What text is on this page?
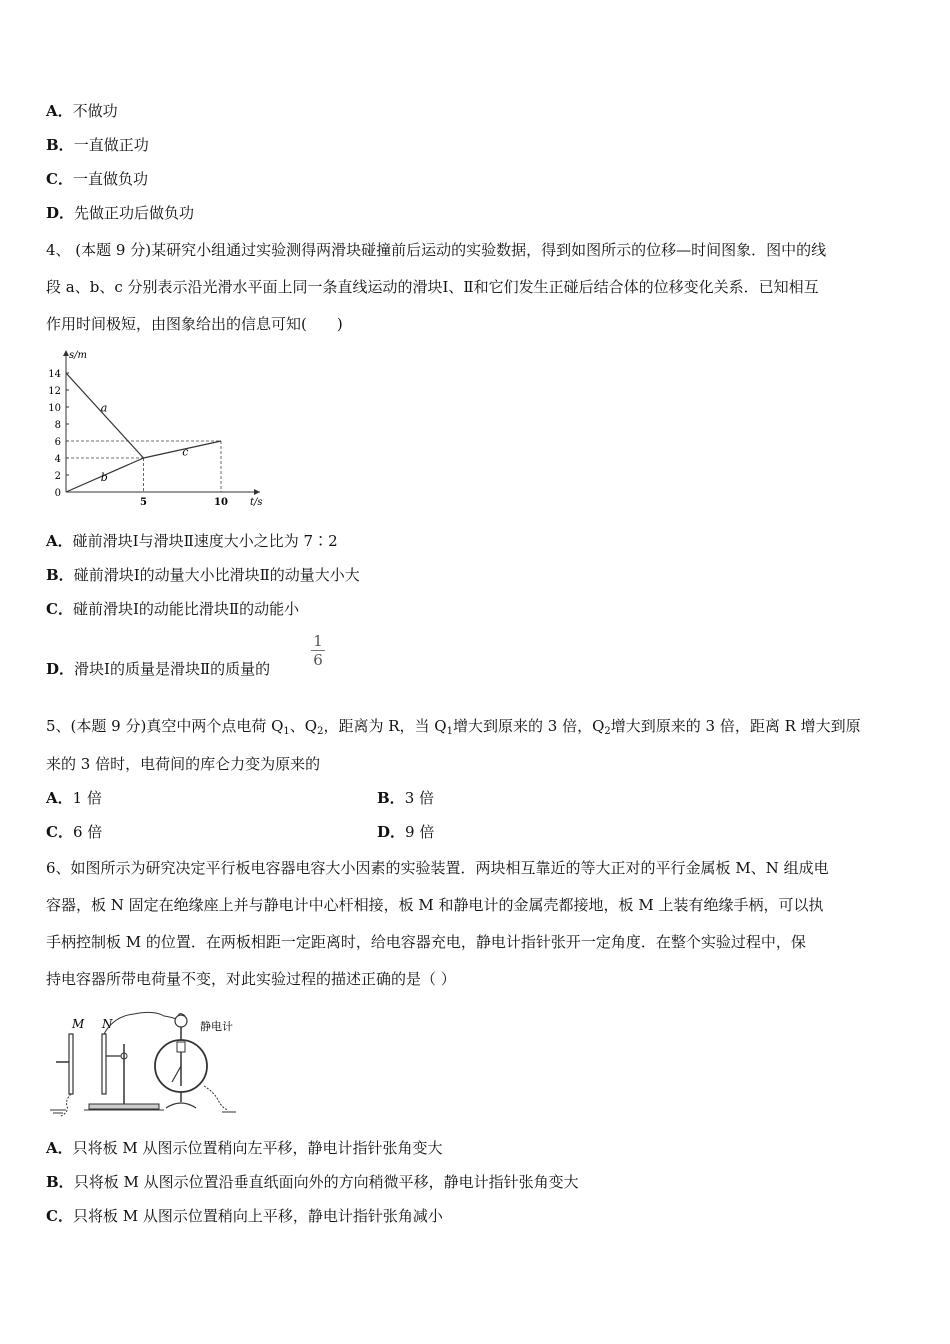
A．不做功
B．一直做正功
C．一直做负功
D．先做正功后做负功
4、 (本题 9 分)某研究小组通过实验测得两滑块碰撞前后运动的实验数据，得到如图所示的位移—时间图象．图中的线
段 a、b、c 分别表示沿光滑水平面上同一条直线运动的滑块Ⅰ、Ⅱ和它们发生正碰后结合体的位移变化关系．已知相互
作用时间极短，由图象给出的信息可知(　　)
0
2
4
6
8
10
12
14
5	10
s/m
t/s
a
b
c
A．碰前滑块Ⅰ与滑块Ⅱ速度大小之比为 7∶2
B．碰前滑块Ⅰ的动量大小比滑块Ⅱ的动量大小大
C．碰前滑块Ⅰ的动能比滑块Ⅱ的动能小
D．滑块Ⅰ的质量是滑块Ⅱ的质量的
1
6
5、(本题 9 分)真空中两个点电荷 $Q_1$、$Q_2$，距离为 R，当 $Q_1$增大到原来的 3 倍，$Q_2$增大到原来的 3 倍，距离 R 增大到原
来的 3 倍时，电荷间的库仑力变为原来的
A．1 倍	B．3 倍
C．6 倍	D．9 倍
6、如图所示为研究决定平行板电容器电容大小因素的实验装置．两块相互靠近的等大正对的平行金属板 M、N 组成电
容器，板 N 固定在绝缘座上并与静电计中心杆相接，板 M 和静电计的金属壳都接地，板 M 上装有绝缘手柄，可以执
手柄控制板 M 的位置．在两板相距一定距离时，给电容器充电，静电计指针张开一定角度．在整个实验过程中，保
持电容器所带电荷量不变，对此实验过程的描述正确的是（ ）
M N	静电计
A．只将板 M 从图示位置稍向左平移，静电计指针张角变大
B．只将板 M 从图示位置沿垂直纸面向外的方向稍微平移，静电计指针张角变大
C．只将板 M 从图示位置稍向上平移，静电计指针张角减小
